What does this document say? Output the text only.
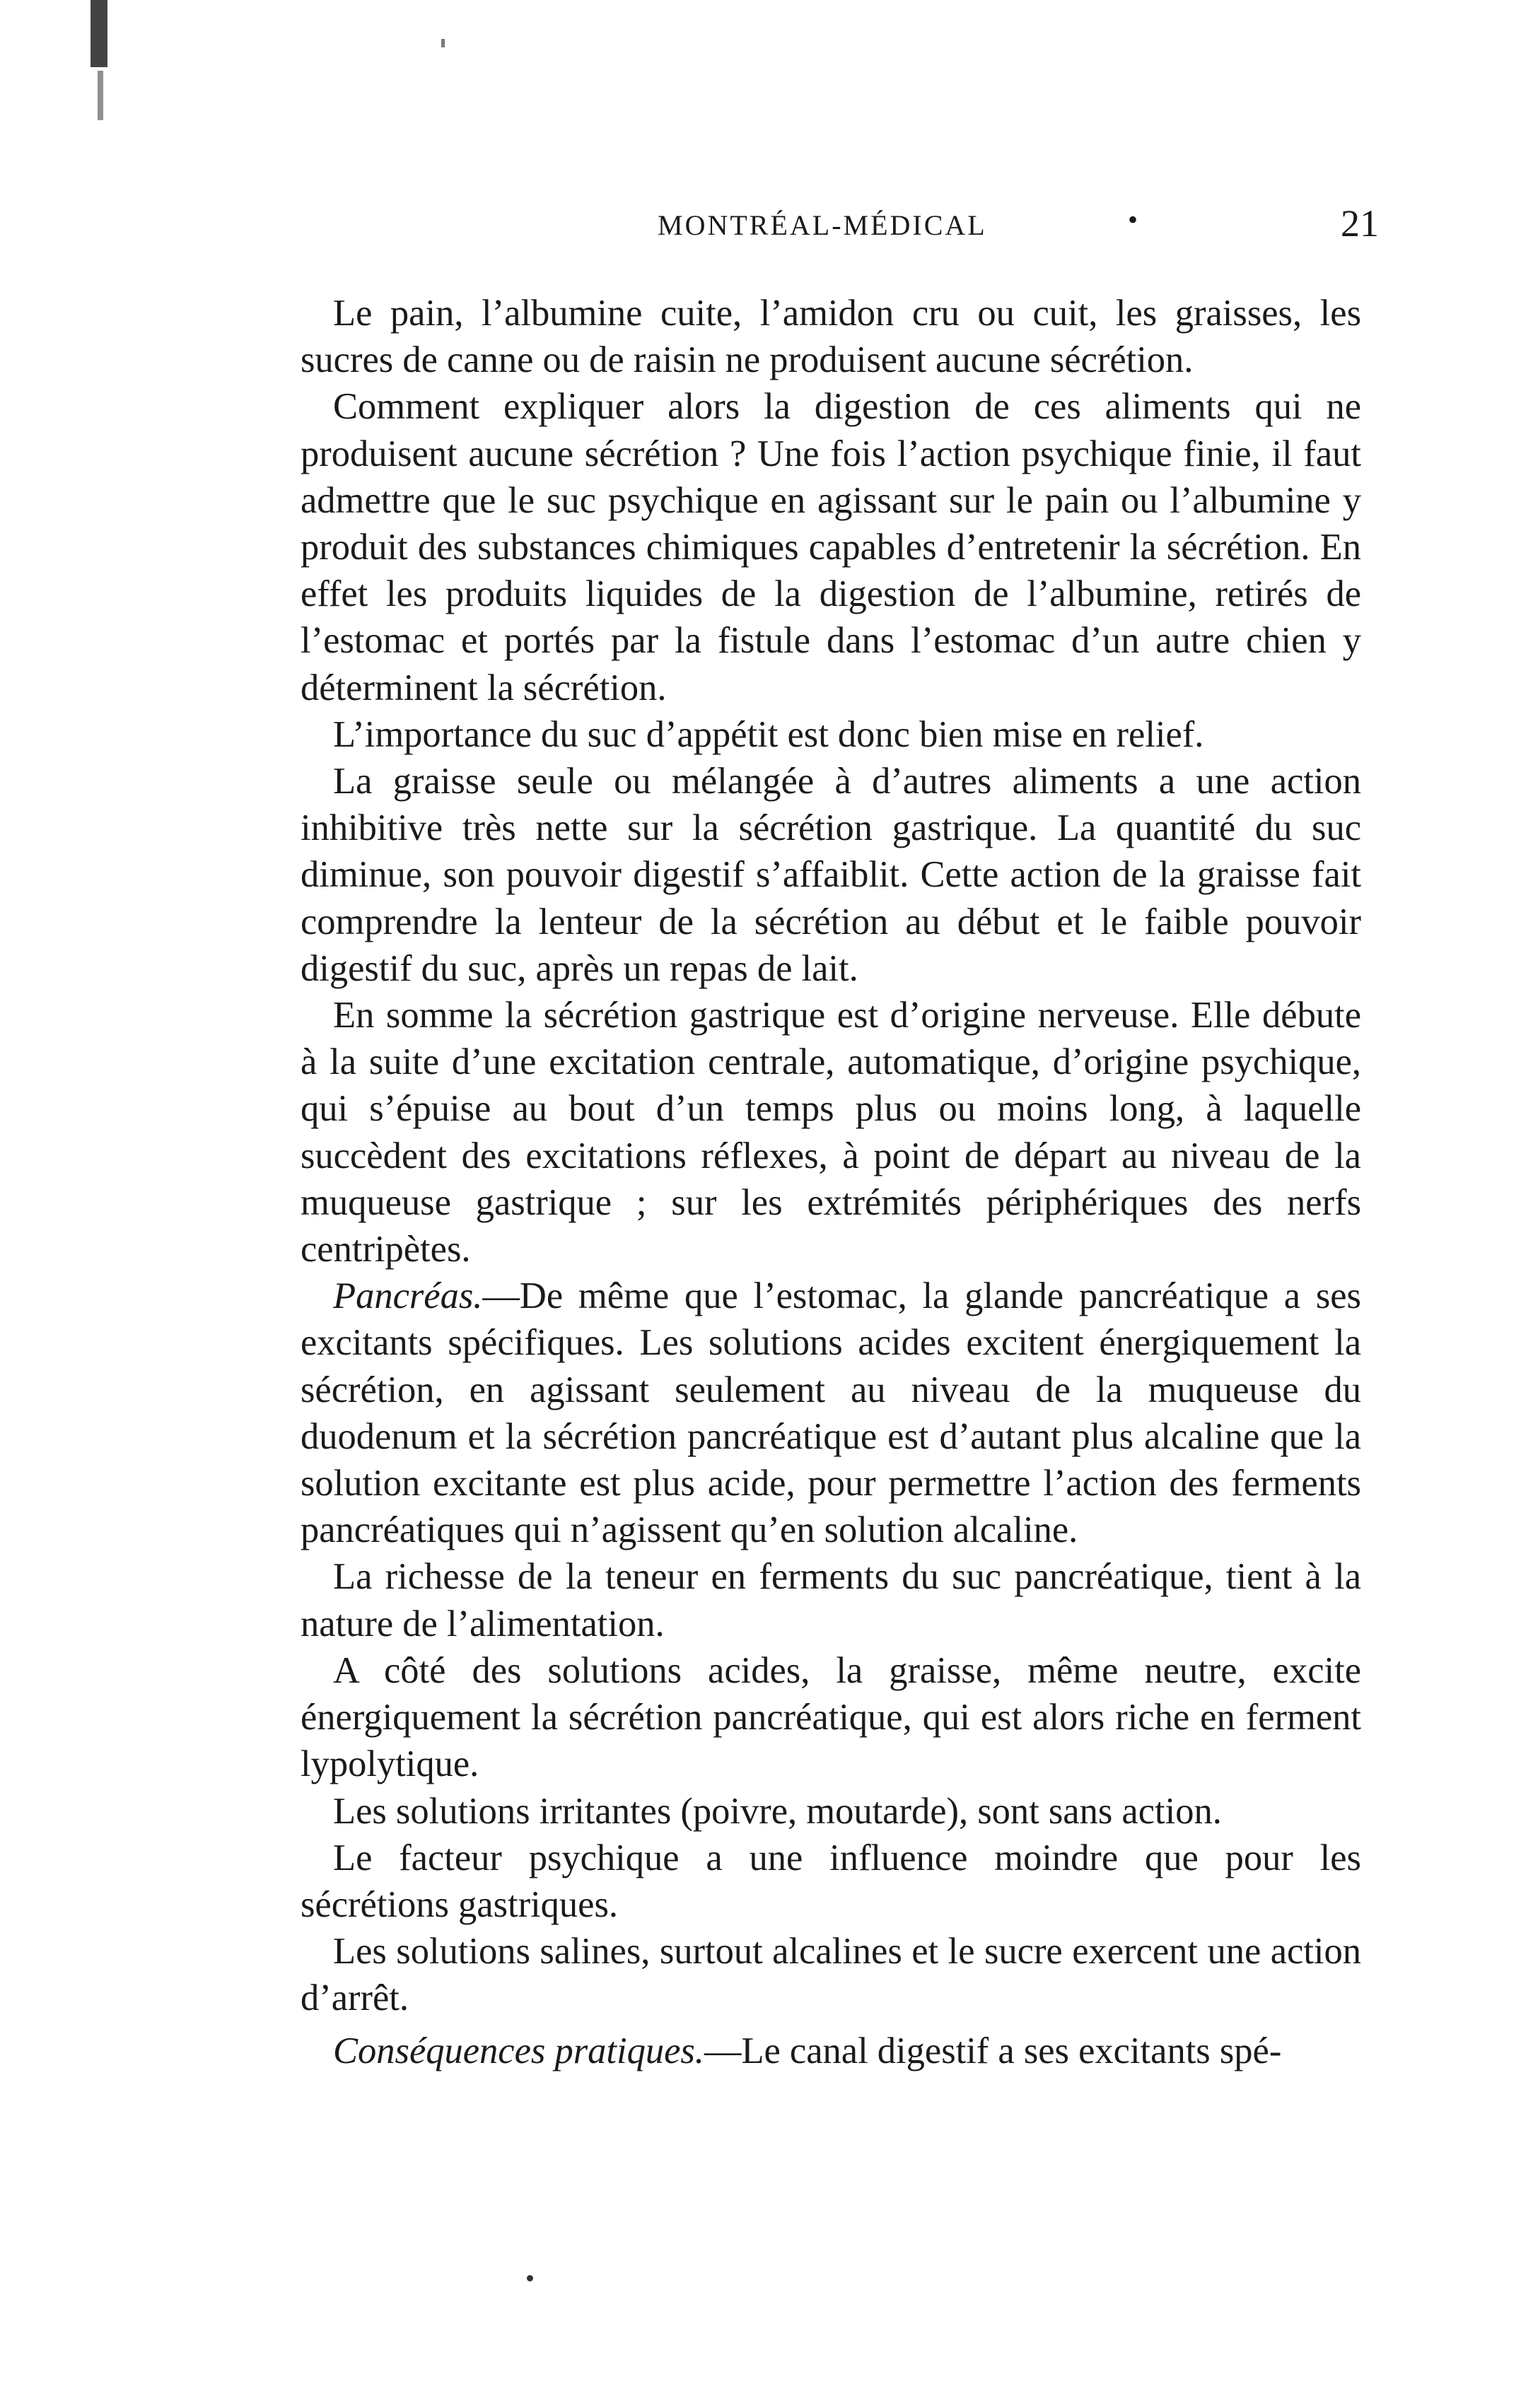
MONTRÉAL-MÉDICAL	•	21

Le pain, l’albumine cuite, l’amidon cru ou cuit, les graisses, les sucres de canne ou de raisin ne produisent aucune sécrétion.

Comment expliquer alors la digestion de ces aliments qui ne produisent aucune sécrétion ? Une fois l’action psychique finie, il faut admettre que le suc psychique en agissant sur le pain ou l’albumine y produit des substances chimiques capables d’entretenir la sécrétion. En effet les produits liquides de la digestion de l’albumine, retirés de l’estomac et portés par la fistule dans l’estomac d’un autre chien y déterminent la sécrétion.

L’importance du suc d’appétit est donc bien mise en relief.

La graisse seule ou mélangée à d’autres aliments a une action inhibitive très nette sur la sécrétion gastrique. La quantité du suc diminue, son pouvoir digestif s’affaiblit. Cette action de la graisse fait comprendre la lenteur de la sécrétion au début et le faible pouvoir digestif du suc, après un repas de lait.

En somme la sécrétion gastrique est d’origine nerveuse. Elle débute à la suite d’une excitation centrale, automatique, d’origine psychique, qui s’épuise au bout d’un temps plus ou moins long, à laquelle succèdent des excitations réflexes, à point de départ au niveau de la muqueuse gastrique ; sur les extrémités périphériques des nerfs centripètes.

Pancréas.—De même que l’estomac, la glande pancréatique a ses excitants spécifiques. Les solutions acides excitent énergiquement la sécrétion, en agissant seulement au niveau de la muqueuse du duodenum et la sécrétion pancréatique est d’autant plus alcaline que la solution excitante est plus acide, pour permettre l’action des ferments pancréatiques qui n’agissent qu’en solution alcaline.

La richesse de la teneur en ferments du suc pancréatique, tient à la nature de l’alimentation.

A côté des solutions acides, la graisse, même neutre, excite énergiquement la sécrétion pancréatique, qui est alors riche en ferment lypolytique.

Les solutions irritantes (poivre, moutarde), sont sans action.

Le facteur psychique a une influence moindre que pour les sécrétions gastriques.

Les solutions salines, surtout alcalines et le sucre exercent une action d’arrêt.

Conséquences pratiques.—Le canal digestif a ses excitants spé-
